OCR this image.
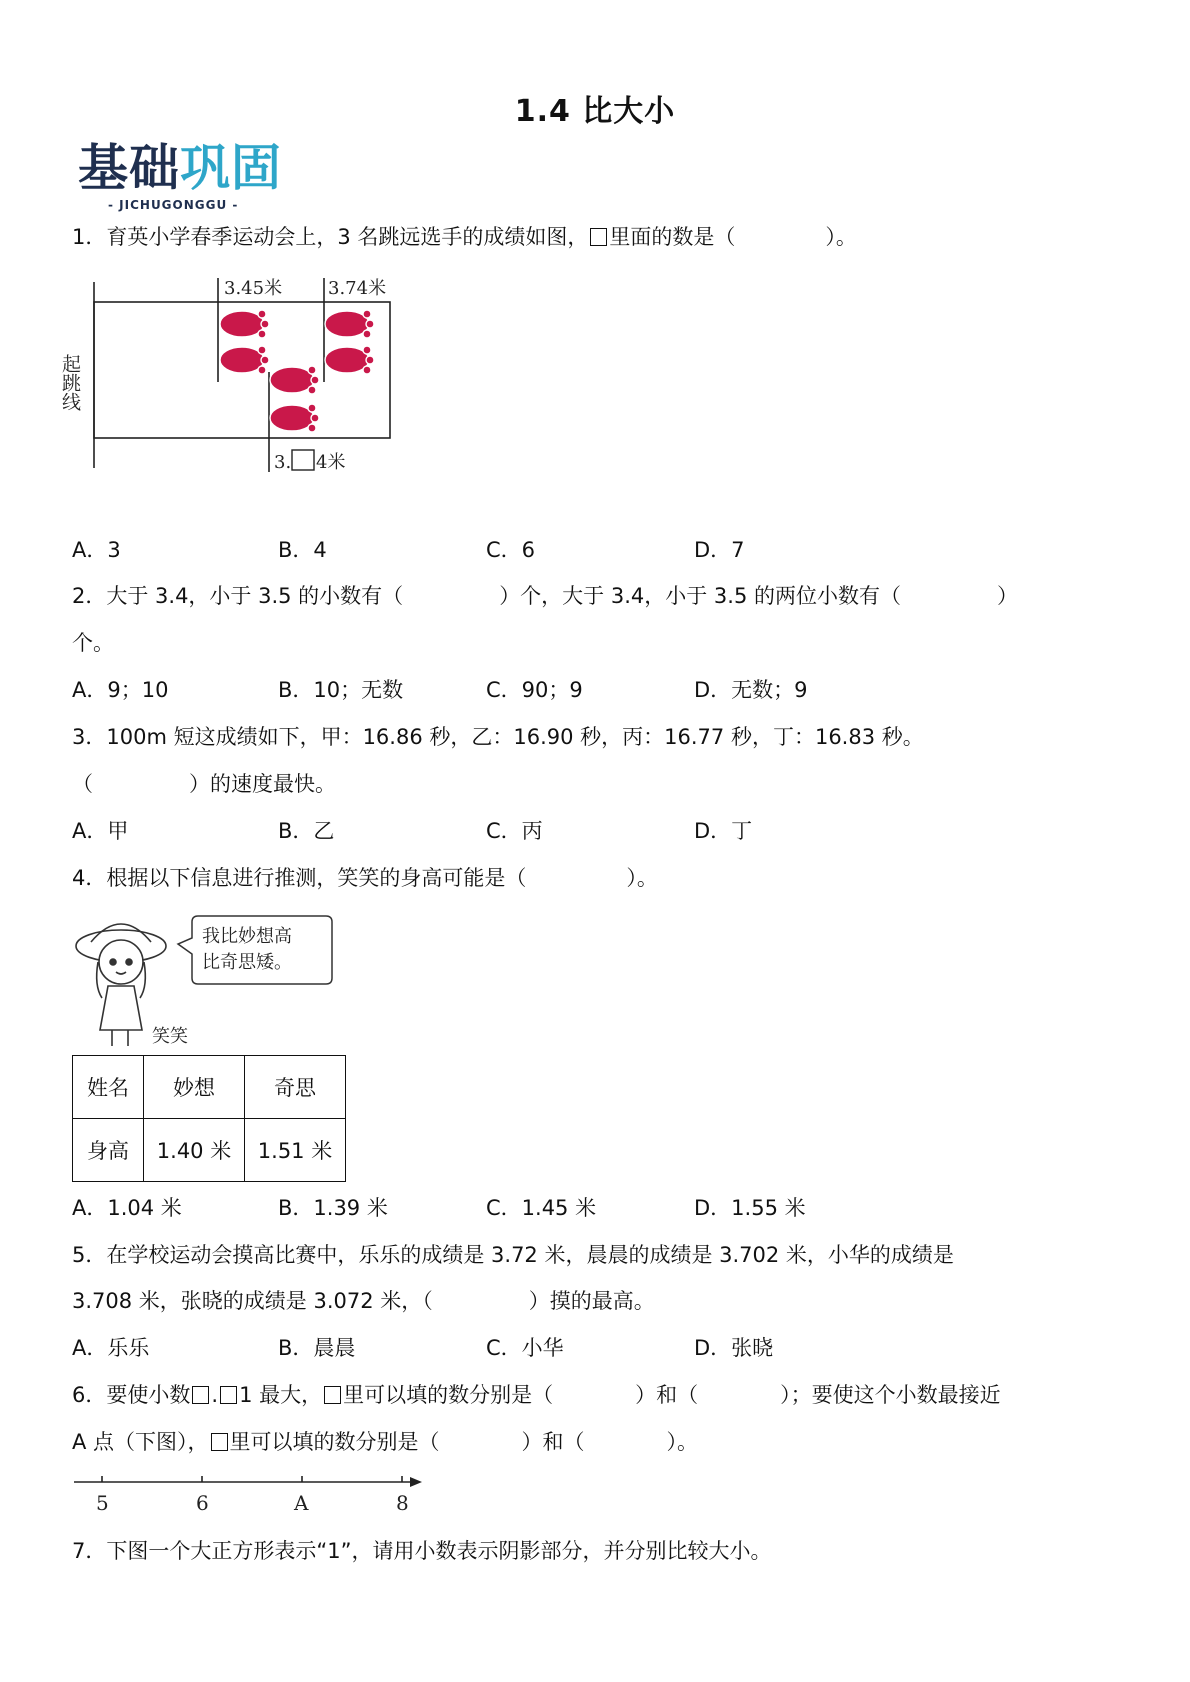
1.4 比大小
基础巩固
- JICHUGONGGU -
1．育英小学春季运动会上，3 名跳远选手的成绩如图， 里面的数是（	）。
3.45米	3.74米
3. 4米
起跳线
A．3	B．4	C．6	D．7
2．大于 3.4，小于 3.5 的小数有（	）个，大于 3.4，小于 3.5 的两位小数有（	）
个。
A．9；10	B．10；无数	C．90；9	D．无数；9
3．100m 短这成绩如下，甲：16.86 秒，乙：16.90 秒，丙：16.77 秒，丁：16.83 秒。
（	）的速度最快。
A．甲	B．乙	C．丙	D．丁
4．根据以下信息进行推测，笑笑的身高可能是（	）。
我比妙想高
比奇思矮。
笑笑
姓名	妙想	奇思
身高	1.40 米	1.51 米
A．1.04 米	B．1.39 米	C．1.45 米	D．1.55 米
5．在学校运动会摸高比赛中，乐乐的成绩是 3.72 米，晨晨的成绩是 3.702 米，小华的成绩是
3.708 米，张晓的成绩是 3.072 米，（	）摸的最高。
A．乐乐	B．晨晨	C．小华	D．张晓
6．要使小数 . 1 最大， 里可以填的数分别是（	）和（	）；要使这个小数最接近
A 点（下图）， 里可以填的数分别是（	）和（	）。
5	6	A	8
7．下图一个大正方形表示“1”，请用小数表示阴影部分，并分别比较大小。
